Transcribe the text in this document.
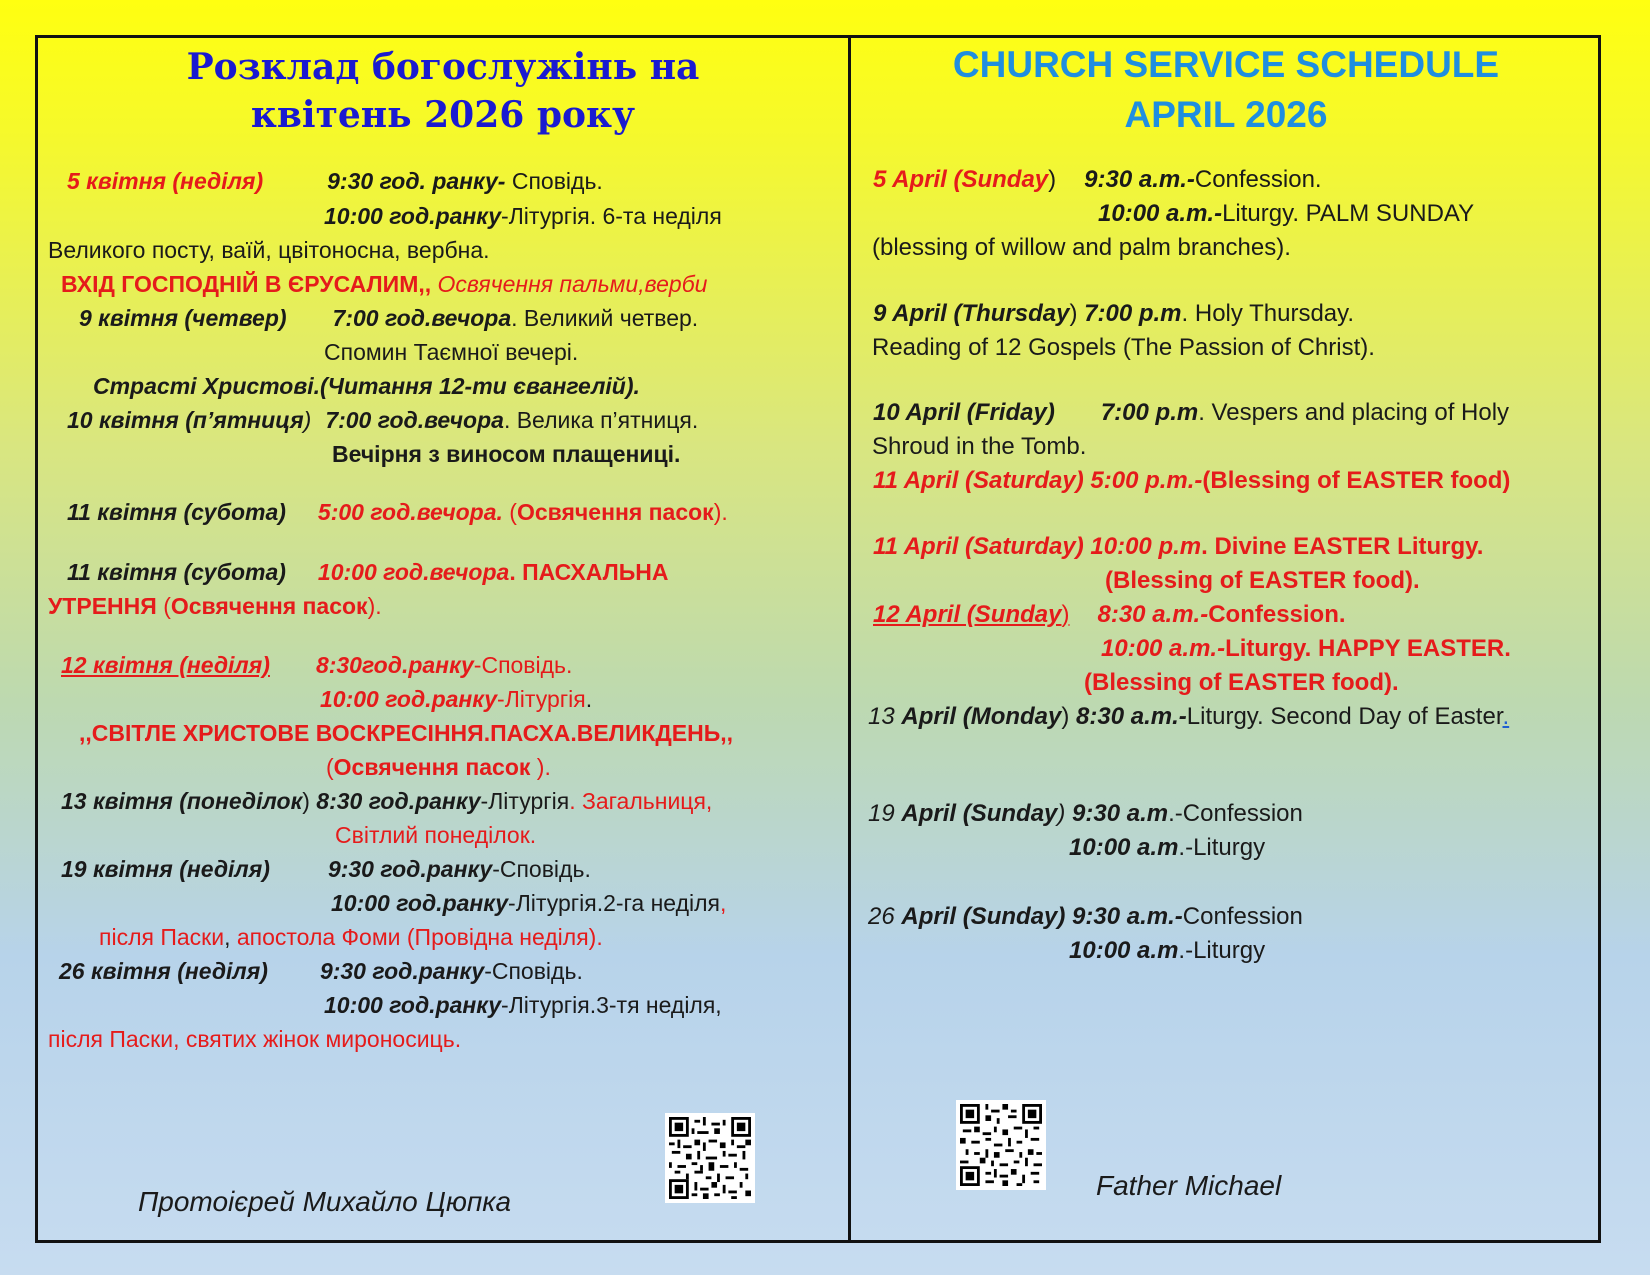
Розклад богослужінь на
квітень 2026 року
5 квітня (неділя)	9:30 год. ранку- Сповідь.
10:00 год.ранку-Літургія. 6-та неділя
Великого посту, ваїй, цвітоносна, вербна.
ВХІД ГОСПОДНІЙ В ЄРУСАЛИМ,, Освячення пальми,верби
9 квітня (четвер) 7:00 год.вечора. Великий четвер.
Спомин Таємної вечері.
Страсті Христові.(Читання 12-ти євангелій).
10 квітня (п’ятниця) 7:00 год.вечора. Велика п’ятниця.
Вечірня з виносом плащениці.
11 квітня (субота) 5:00 год.вечора. (Освячення пасок).
11 квітня (субота) 10:00 год.вечора. ПАСХАЛЬНА
УТРЕННЯ (Освячення пасок).
12 квітня (неділя) 8:30год.ранку-Сповідь.
10:00 год.ранку-Літургія.
,,СВІТЛЕ ХРИСТОВЕ ВОСКРЕСІННЯ.ПАСХА.ВЕЛИКДЕНЬ,,
(Освячення пасок ).
13 квітня (понеділок) 8:30 год.ранку-Літургія. Загальниця,
Світлий понеділок.
19 квітня (неділя)	9:30 год.ранку-Сповідь.
10:00 год.ранку-Літургія.2-га неділя,
після Паски, апостола Фоми (Провідна неділя).
26 квітня (неділя) 9:30 год.ранку-Сповідь.
10:00 год.ранку-Літургія.3-тя неділя,
після Паски, святих жінок мироносиць.
Протоієрей Михайло Цюпка
CHURCH SERVICE SCHEDULE
APRIL 2026
5 April (Sunday) 9:30 a.m.-Confession.
10:00 a.m.-Liturgy. PALM SUNDAY
(blessing of willow and palm branches).
9 April (Thursday) 7:00 p.m. Holy Thursday.
Reading of 12 Gospels (The Passion of Christ).
10 April (Friday) 7:00 p.m. Vespers and placing of Holy
Shroud in the Tomb.
11 April (Saturday) 5:00 p.m.-(Blessing of EASTER food)
11 April (Saturday) 10:00 p.m. Divine EASTER Liturgy.
(Blessing of EASTER food).
12 April (Sunday) 8:30 a.m.-Confession.
10:00 a.m.-Liturgy. HAPPY EASTER.
(Blessing of EASTER food).
13 April (Monday) 8:30 a.m.-Liturgy. Second Day of Easter.
19 April (Sunday) 9:30 a.m.-Confession
10:00 a.m.-Liturgy
26 April (Sunday) 9:30 a.m.-Confession
10:00 a.m.-Liturgy
Father Michael
